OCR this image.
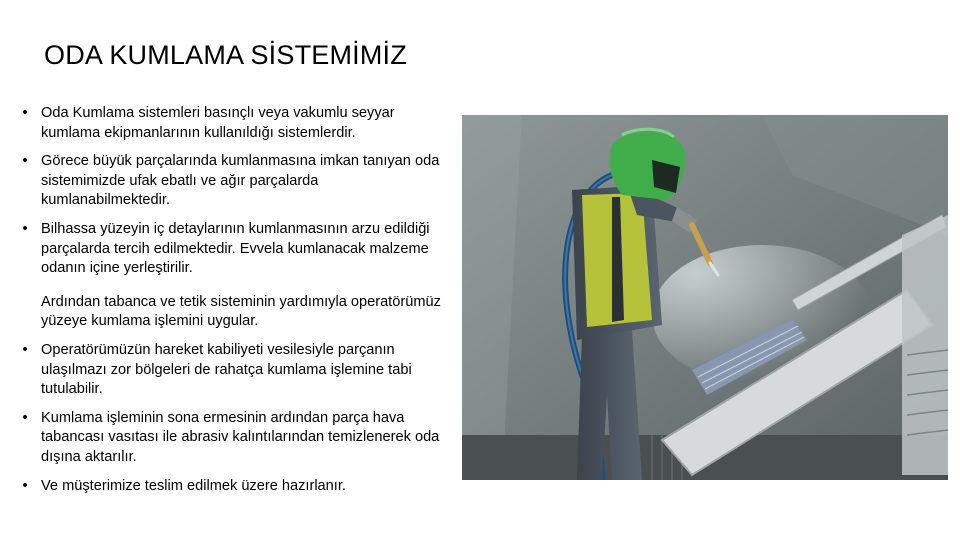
ODA KUMLAMA SİSTEMİMİZ
• Oda Kumlama sistemleri basınçlı veya vakumlu seyyar kumlama ekipmanlarının kullanıldığı sistemlerdir.
• Görece büyük parçalarında kumlanmasına imkan tanıyan oda sistemimizde ufak ebatlı ve ağır parçalarda kumlanabilmektedir.
• Bilhassa yüzeyin iç detaylarının kumlanmasının arzu edildiği parçalarda tercih edilmektedir. Evvela kumlanacak malzeme odanın içine yerleştirilir.
Ardından tabanca ve tetik sisteminin yardımıyla operatörümüz yüzeye kumlama işlemini uygular.
• Operatörümüzün hareket kabiliyeti vesilesiyle parçanın ulaşılmazı zor bölgeleri de rahatça kumlama işlemine tabi tutulabilir.
• Kumlama işleminin sona ermesinin ardından parça hava tabancası vasıtası ile abrasiv kalıntılarından temizlenerek oda dışına aktarılır.
• Ve müşterimize teslim edilmek üzere hazırlanır.
